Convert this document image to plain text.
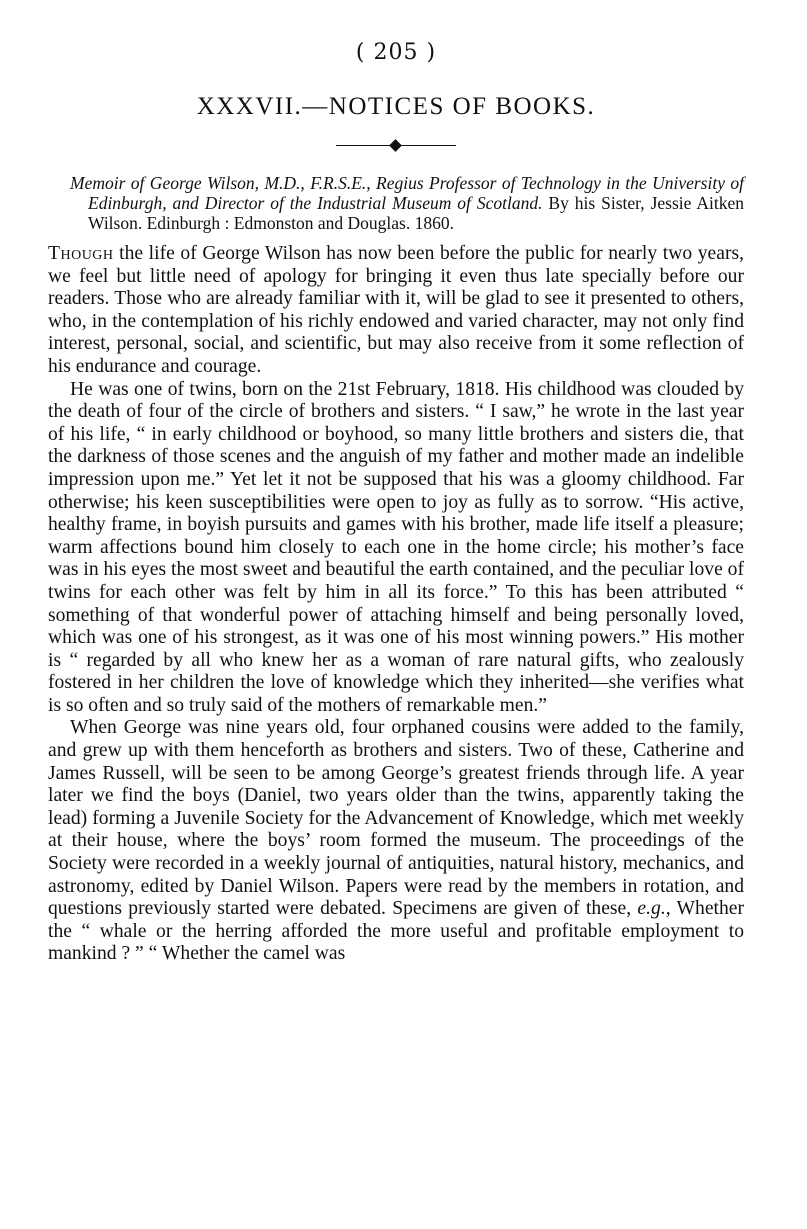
( 205 )
XXXVII.—NOTICES OF BOOKS.

Memoir of George Wilson, M.D., F.R.S.E., Regius Professor of Technology in the University of Edinburgh, and Director of the Industrial Museum of Scotland. By his Sister, Jessie Aitken Wilson. Edinburgh : Edmonston and Douglas. 1860.

Though the life of George Wilson has now been before the public for nearly two years, we feel but little need of apology for bringing it even thus late specially before our readers. Those who are already familiar with it, will be glad to see it presented to others, who, in the contemplation of his richly endowed and varied character, may not only find interest, personal, social, and scientific, but may also receive from it some reflection of his endurance and courage.

He was one of twins, born on the 21st February, 1818. His childhood was clouded by the death of four of the circle of brothers and sisters. “ I saw,” he wrote in the last year of his life, “ in early childhood or boyhood, so many little brothers and sisters die, that the darkness of those scenes and the anguish of my father and mother made an indelible impression upon me.” Yet let it not be supposed that his was a gloomy childhood. Far otherwise; his keen susceptibilities were open to joy as fully as to sorrow. “His active, healthy frame, in boyish pursuits and games with his brother, made life itself a pleasure; warm affections bound him closely to each one in the home circle; his mother’s face was in his eyes the most sweet and beautiful the earth contained, and the peculiar love of twins for each other was felt by him in all its force.” To this has been attributed “ something of that wonderful power of attaching himself and being personally loved, which was one of his strongest, as it was one of his most winning powers.” His mother is “ regarded by all who knew her as a woman of rare natural gifts, who zealously fostered in her children the love of knowledge which they inherited—she verifies what is so often and so truly said of the mothers of remarkable men.”

When George was nine years old, four orphaned cousins were added to the family, and grew up with them henceforth as brothers and sisters. Two of these, Catherine and James Russell, will be seen to be among George’s greatest friends through life. A year later we find the boys (Daniel, two years older than the twins, apparently taking the lead) forming a Juvenile Society for the Advancement of Knowledge, which met weekly at their house, where the boys’ room formed the museum. The proceedings of the Society were recorded in a weekly journal of antiquities, natural history, mechanics, and astronomy, edited by Daniel Wilson. Papers were read by the members in rotation, and questions previously started were debated. Specimens are given of these, e.g., Whether the “ whale or the herring afforded the more useful and profitable employment to mankind ? ” “ Whether the camel was
